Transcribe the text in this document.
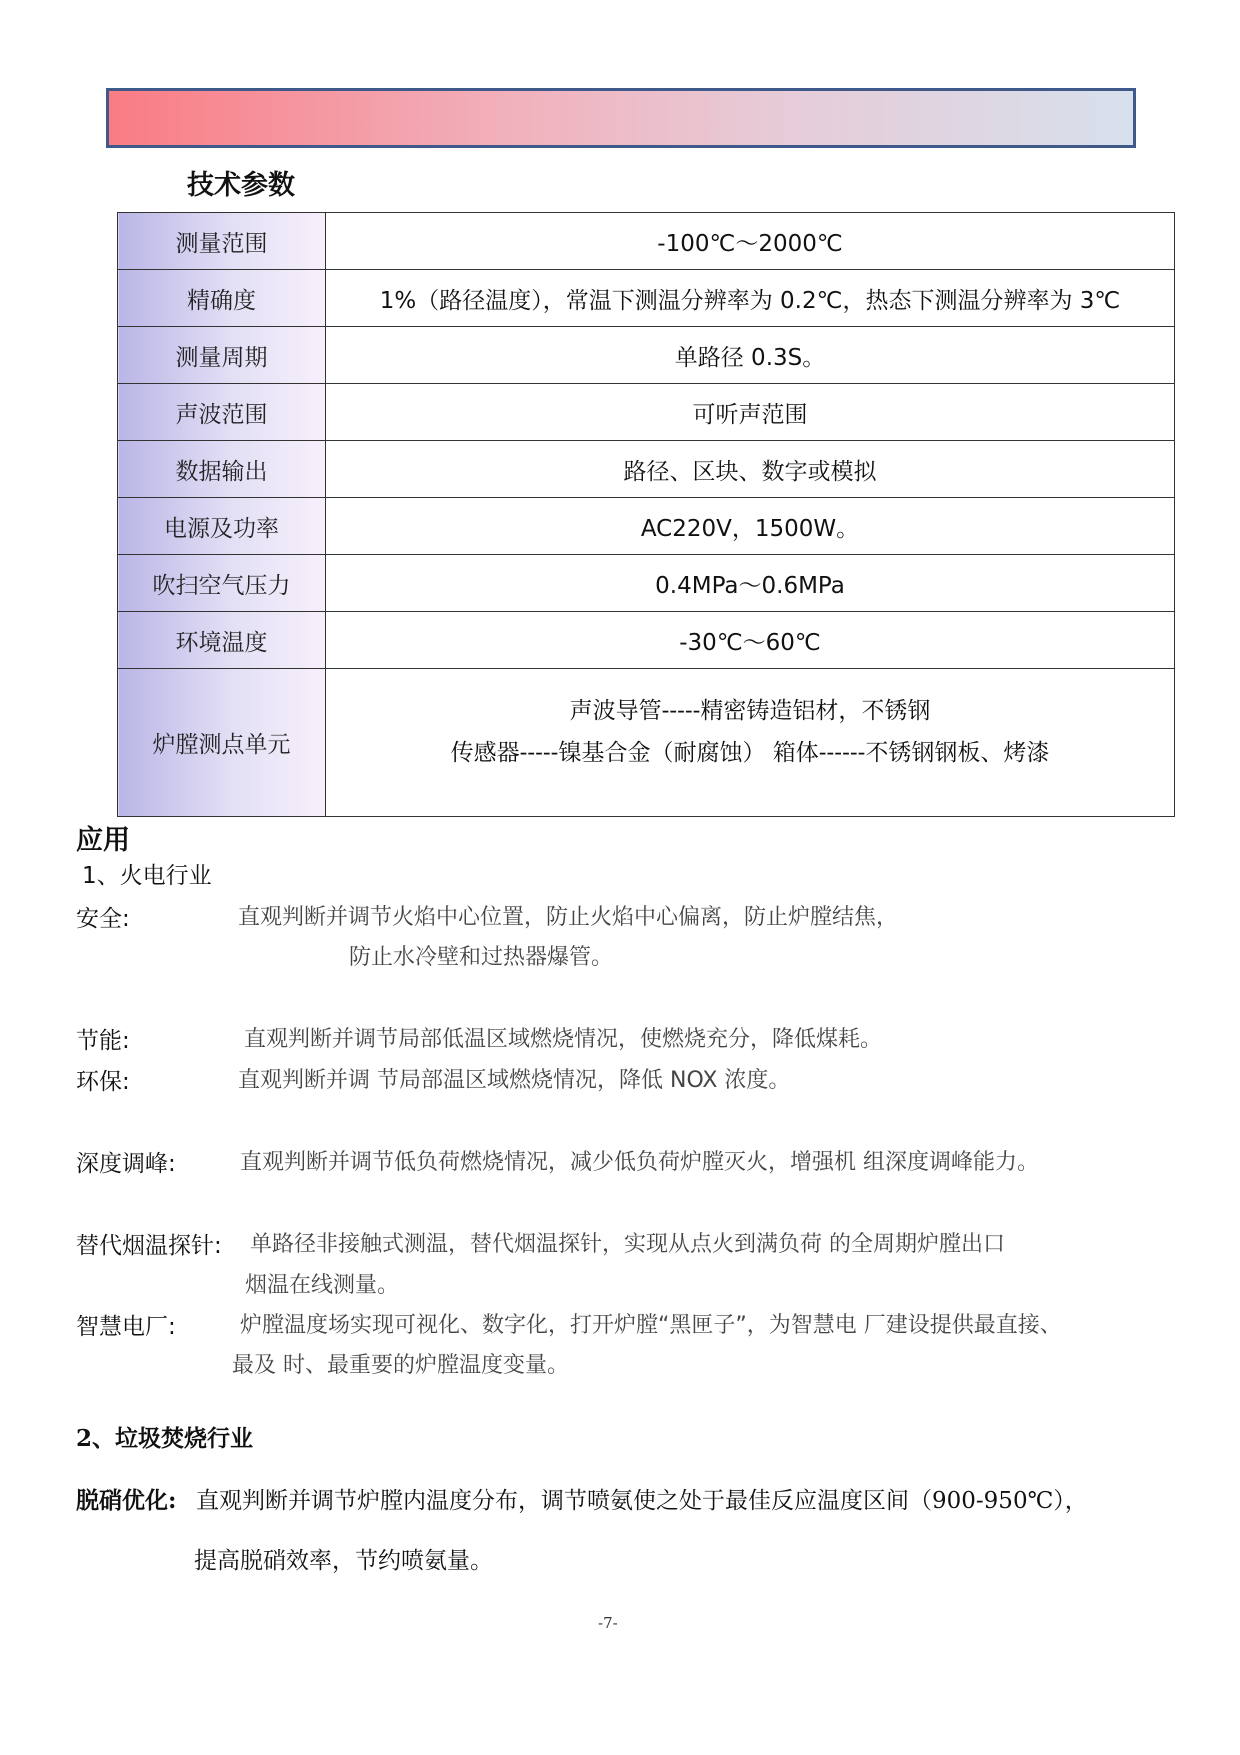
技术参数
测量范围	-100℃～2000℃
精确度	1%（路径温度），常温下测温分辨率为 0.2℃，热态下测温分辨率为 3℃
测量周期	单路径 0.3S。
声波范围	可听声范围
数据输出	路径、区块、数字或模拟
电源及功率	AC220V，1500W。
吹扫空气压力	0.4MPa～0.6MPa
环境温度	-30℃～60℃
炉膛测点单元	声波导管-----精密铸造铝材，不锈钢
传感器-----镍基合金（耐腐蚀） 箱体------不锈钢钢板、烤漆
应用
1、火电行业
安全:	直观判断并调节火焰中心位置，防止火焰中心偏离，防止炉膛结焦，
防止水冷壁和过热器爆管。
节能:	直观判断并调节局部低温区域燃烧情况，使燃烧充分，降低煤耗。
环保:	直观判断并调 节局部温区域燃烧情况，降低 NOX 浓度。
深度调峰:	直观判断并调节低负荷燃烧情况，减少低负荷炉膛灭火，增强机 组深度调峰能力。
替代烟温探针: 单路径非接触式测温，替代烟温探针，实现从点火到满负荷 的全周期炉膛出口
烟温在线测量。
智慧电厂:	炉膛温度场实现可视化、数字化，打开炉膛“黑匣子”，为智慧电 厂建设提供最直接、
最及 时、最重要的炉膛温度变量。
2、垃圾焚烧行业
脱硝优化: 直观判断并调节炉膛内温度分布，调节喷氨使之处于最佳反应温度区间（900-950℃），
提高脱硝效率，节约喷氨量。
-7-
